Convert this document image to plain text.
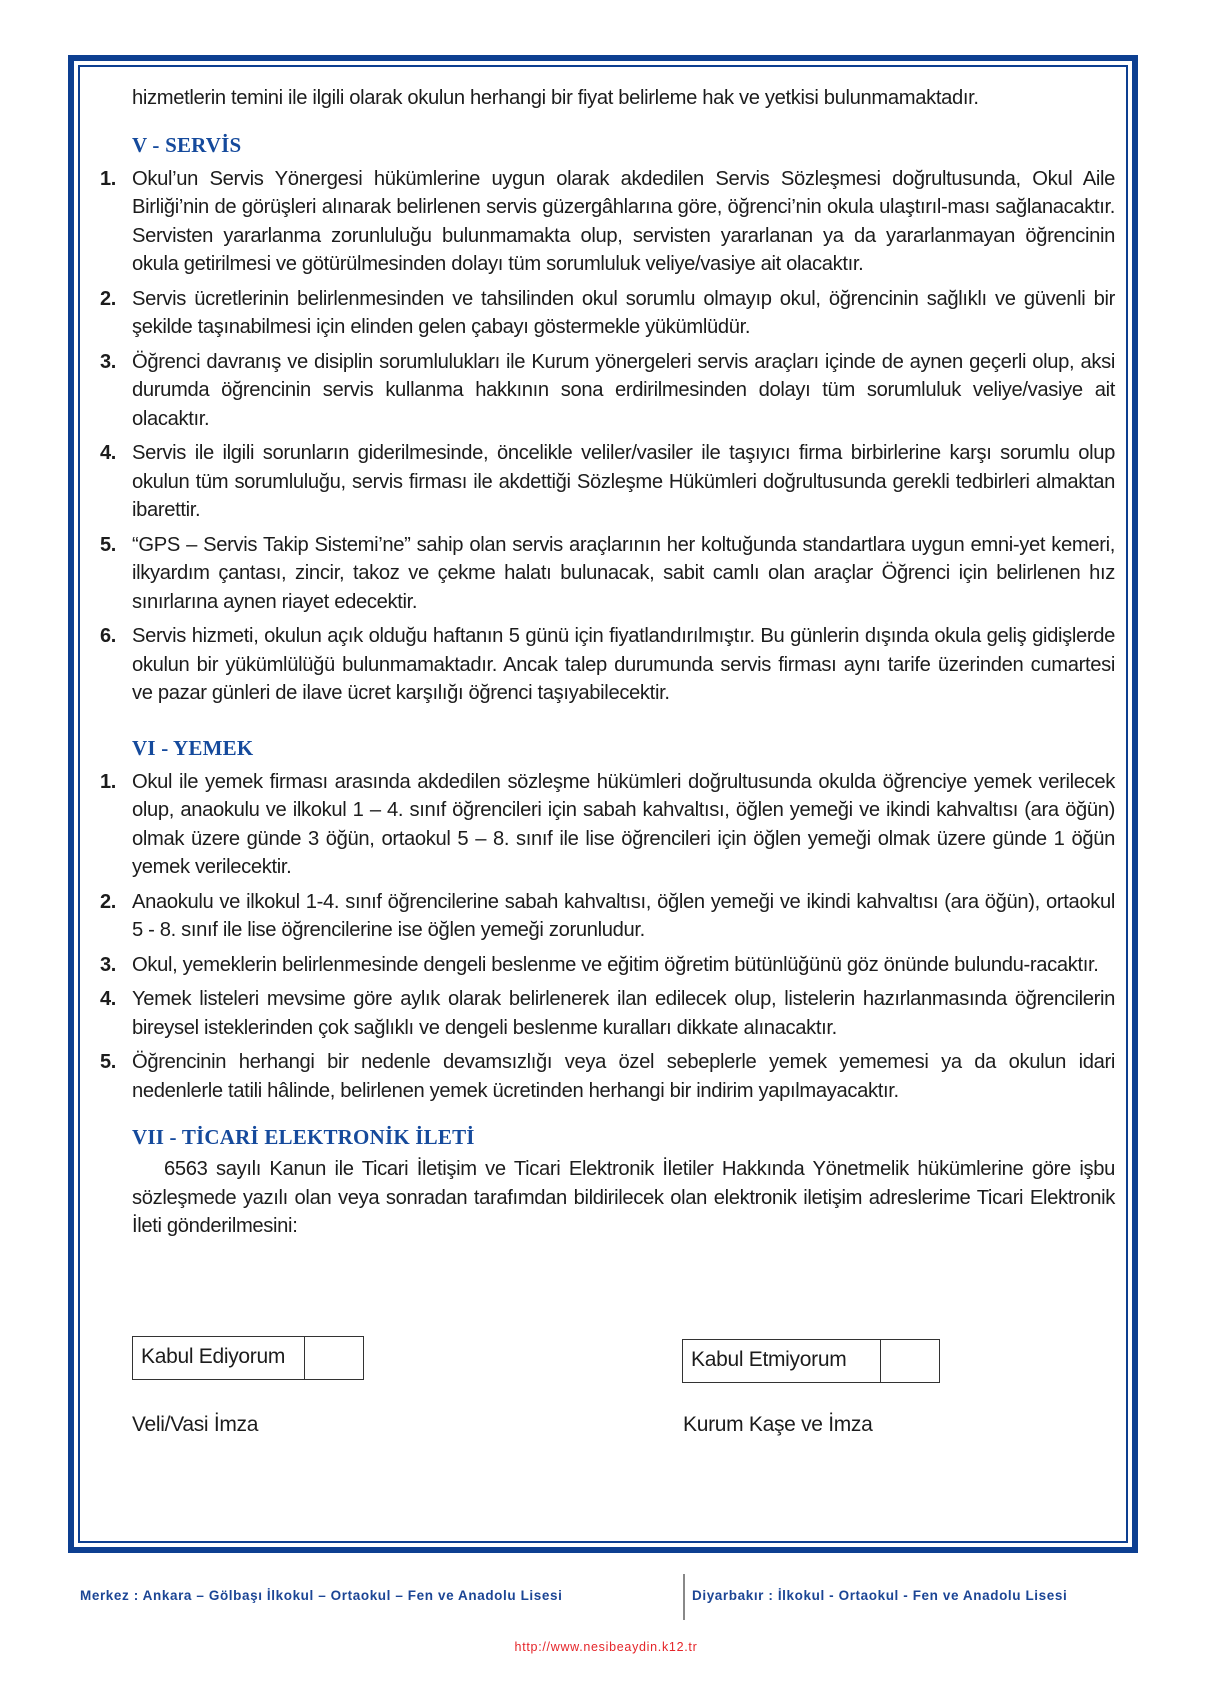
hizmetlerin temini ile ilgili olarak okulun herhangi bir fiyat belirleme hak ve yetkisi bulunmamaktadır.

V - SERVİS
1. Okul’un Servis Yönergesi hükümlerine uygun olarak akdedilen Servis Sözleşmesi doğrultusunda, Okul Aile Birliği’nin de görüşleri alınarak belirlenen servis güzergâhlarına göre, öğrenci’nin okula ulaştırıl-ması sağlanacaktır. Servisten yararlanma zorunluluğu bulunmamakta olup, servisten yararlanan ya da yararlanmayan öğrencinin okula getirilmesi ve götürülmesinden dolayı tüm sorumluluk veliye/vasiye ait olacaktır.
2. Servis ücretlerinin belirlenmesinden ve tahsilinden okul sorumlu olmayıp okul, öğrencinin sağlıklı ve güvenli bir şekilde taşınabilmesi için elinden gelen çabayı göstermekle yükümlüdür.
3. Öğrenci davranış ve disiplin sorumlulukları ile Kurum yönergeleri servis araçları içinde de aynen geçerli olup, aksi durumda öğrencinin servis kullanma hakkının sona erdirilmesinden dolayı tüm sorumluluk veliye/vasiye ait olacaktır.
4. Servis ile ilgili sorunların giderilmesinde, öncelikle veliler/vasiler ile taşıyıcı firma birbirlerine karşı sorumlu olup okulun tüm sorumluluğu, servis firması ile akdettiği Sözleşme Hükümleri doğrultusunda gerekli tedbirleri almaktan ibarettir.
5. “GPS – Servis Takip Sistemi’ne” sahip olan servis araçlarının her koltuğunda standartlara uygun emni-yet kemeri, ilkyardım çantası, zincir, takoz ve çekme halatı bulunacak, sabit camlı olan araçlar Öğrenci için belirlenen hız sınırlarına aynen riayet edecektir.
6. Servis hizmeti, okulun açık olduğu haftanın 5 günü için fiyatlandırılmıştır. Bu günlerin dışında okula geliş gidişlerde okulun bir yükümlülüğü bulunmamaktadır. Ancak talep durumunda servis firması aynı tarife üzerinden cumartesi ve pazar günleri de ilave ücret karşılığı öğrenci taşıyabilecektir.
VI - YEMEK
1. Okul ile yemek firması arasında akdedilen sözleşme hükümleri doğrultusunda okulda öğrenciye yemek verilecek olup, anaokulu ve ilkokul 1 – 4. sınıf öğrencileri için sabah kahvaltısı, öğlen yemeği ve ikindi kahvaltısı (ara öğün) olmak üzere günde 3 öğün, ortaokul 5 – 8. sınıf ile lise öğrencileri için öğlen yemeği olmak üzere günde 1 öğün yemek verilecektir.
2. Anaokulu ve ilkokul 1-4. sınıf öğrencilerine sabah kahvaltısı, öğlen yemeği ve ikindi kahvaltısı (ara öğün), ortaokul 5 - 8. sınıf ile lise öğrencilerine ise öğlen yemeği zorunludur.
3. Okul, yemeklerin belirlenmesinde dengeli beslenme ve eğitim öğretim bütünlüğünü göz önünde bulundu-racaktır.
4. Yemek listeleri mevsime göre aylık olarak belirlenerek ilan edilecek olup, listelerin hazırlanmasında öğrencilerin bireysel isteklerinden çok sağlıklı ve dengeli beslenme kuralları dikkate alınacaktır.
5. Öğrencinin herhangi bir nedenle devamsızlığı veya özel sebeplerle yemek yememesi ya da okulun idari nedenlerle tatili hâlinde, belirlenen yemek ücretinden herhangi bir indirim yapılmayacaktır.
VII - TİCARİ ELEKTRONİK İLETİ

6563 sayılı Kanun ile Ticari İletişim ve Ticari Elektronik İletiler Hakkında Yönetmelik hükümlerine göre işbu sözleşmede yazılı olan veya sonradan tarafımdan bildirilecek olan elektronik iletişim adreslerime Ticari Elektronik İleti gönderilmesini:

Kabul Ediyorum	Kabul Etmiyorum
Veli/Vasi İmza	Kurum Kaşe ve İmza
Merkez : Ankara – Gölbaşı İlkokul – Ortaokul – Fen ve Anadolu Lisesi	Diyarbakır : İlkokul - Ortaokul - Fen ve Anadolu Lisesi
http://www.nesibeaydin.k12.tr
